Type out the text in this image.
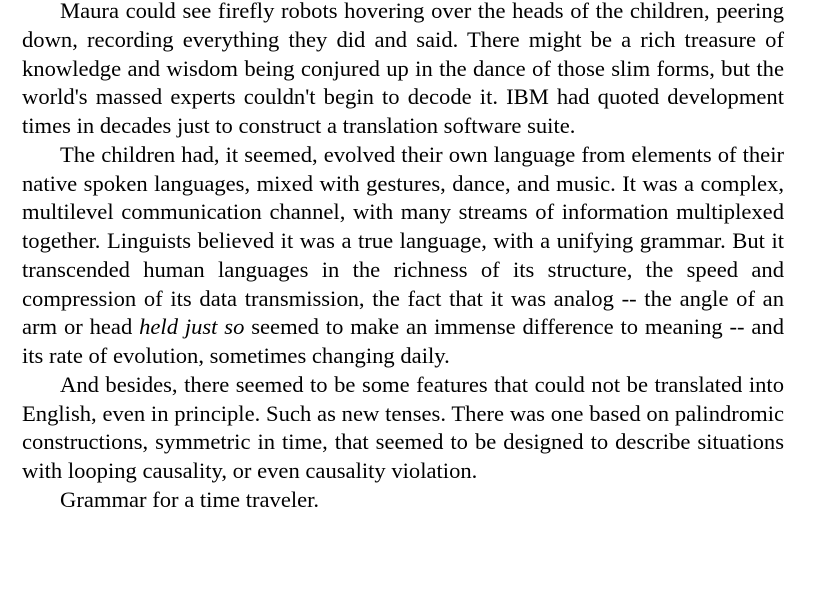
Maura could see firefly robots hovering over the heads of the children, peering down, recording everything they did and said. There might be a rich treasure of knowledge and wisdom being conjured up in the dance of those slim forms, but the world's massed experts couldn't begin to decode it. IBM had quoted development times in decades just to construct a translation software suite.

The children had, it seemed, evolved their own language from elements of their native spoken languages, mixed with gestures, dance, and music. It was a complex, multilevel communication channel, with many streams of information multiplexed together. Linguists believed it was a true language, with a unifying grammar. But it transcended human languages in the richness of its structure, the speed and compression of its data transmission, the fact that it was analog -- the angle of an arm or head held just so seemed to make an immense difference to meaning -- and its rate of evolution, sometimes changing daily.

And besides, there seemed to be some features that could not be translated into English, even in principle. Such as new tenses. There was one based on palindromic constructions, symmetric in time, that seemed to be designed to describe situations with looping causality, or even causality violation.

Grammar for a time traveler.
